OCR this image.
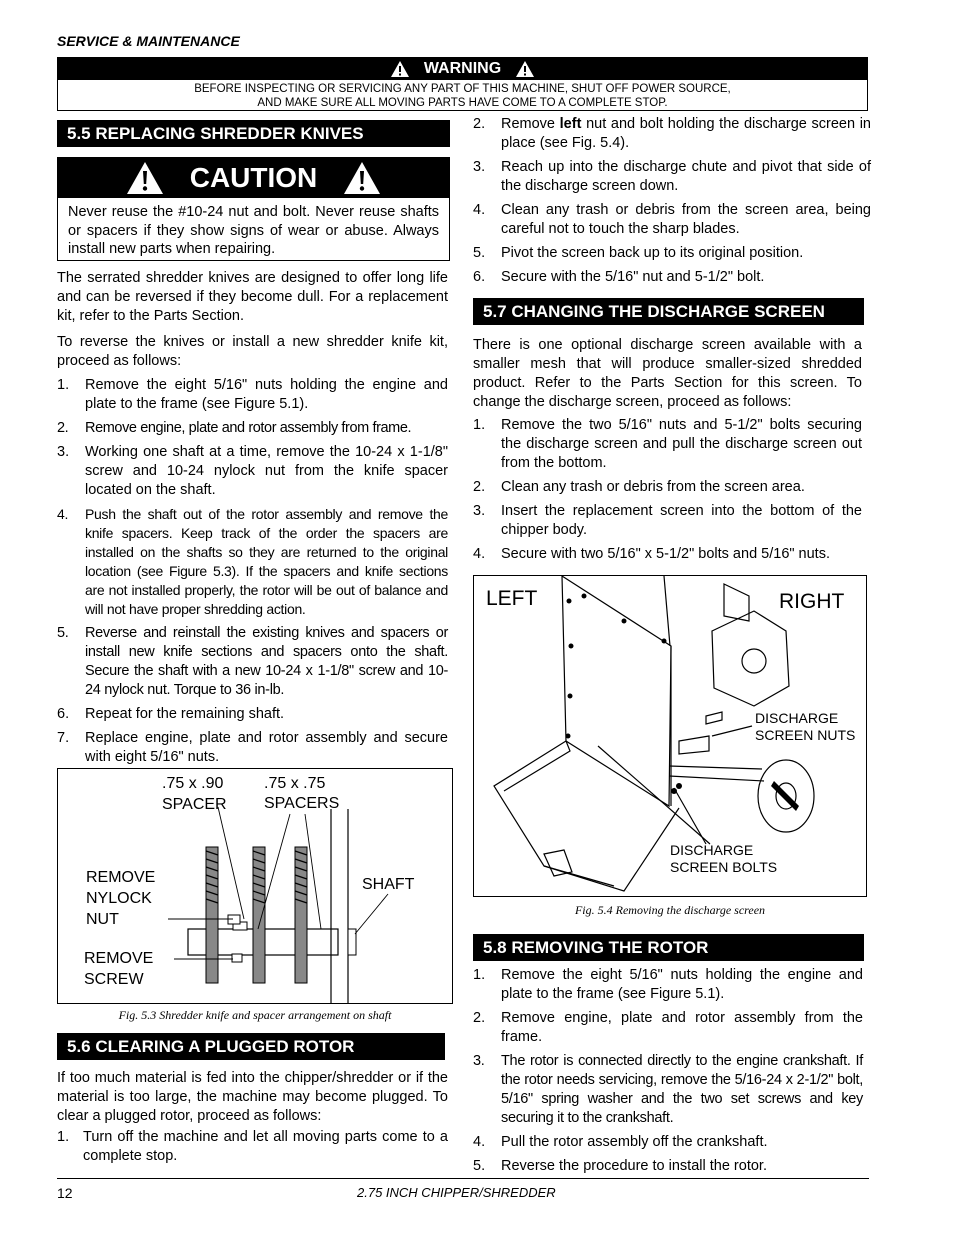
SERVICE & MAINTENANCE
WARNING
BEFORE INSPECTING OR SERVICING ANY PART OF THIS MACHINE, SHUT OFF POWER SOURCE,
AND MAKE SURE ALL MOVING PARTS HAVE COME TO A COMPLETE STOP.
5.5 REPLACING SHREDDER KNIVES
CAUTION
Never reuse the #10-24 nut and bolt. Never reuse shafts or spacers if they show signs of wear or abuse. Always install new parts when repairing.
The serrated shredder knives are designed to offer long life and can be reversed if they become dull. For a replacement kit, refer to the Parts Section.
To reverse the knives or install a new shredder knife kit, proceed as follows:
1. Remove the eight 5/16" nuts holding the engine and plate to the frame (see Figure 5.1).
2. Remove engine, plate and rotor assembly from frame.
3. Working one shaft at a time, remove the 10-24 x 1-1/8" screw and 10-24 nylock nut from the knife spacer located on the shaft.
4. Push the shaft out of the rotor assembly and remove the knife spacers. Keep track of the order the spacers are installed on the shafts so they are returned to the original location (see Figure 5.3). If the spacers and knife sections are not installed properly, the rotor will be out of balance and will not have proper shredding action.
5. Reverse and reinstall the existing knives and spacers or install new knife sections and spacers onto the shaft. Secure the shaft with a new 10-24 x 1-1/8" screw and 10-24 nylock nut. Torque to 36 in-lb.
6. Repeat for the remaining shaft.
7. Replace engine, plate and rotor assembly and secure with eight 5/16" nuts.
.75 x .90
SPACER
.75 x .75
SPACERS
REMOVE
NYLOCK
NUT
REMOVE
SCREW
SHAFT
Fig. 5.3 Shredder knife and spacer arrangement on shaft
5.6 CLEARING A PLUGGED ROTOR
If too much material is fed into the chipper/shredder or if the material is too large, the machine may become plugged. To clear a plugged rotor, proceed as follows:
1. Turn off the machine and let all moving parts come to a complete stop.
2. Remove left nut and bolt holding the discharge screen in place (see Fig. 5.4).
3. Reach up into the discharge chute and pivot that side of the discharge screen down.
4. Clean any trash or debris from the screen area, being careful not to touch the sharp blades.
5. Pivot the screen back up to its original position.
6. Secure with the 5/16" nut and 5-1/2" bolt.
5.7 CHANGING THE DISCHARGE SCREEN
There is one optional discharge screen available with a smaller mesh that will produce smaller-sized shredded product. Refer to the Parts Section for this screen. To change the discharge screen, proceed as follows:
1. Remove the two 5/16" nuts and 5-1/2" bolts securing the discharge screen and pull the discharge screen out from the bottom.
2. Clean any trash or debris from the screen area.
3. Insert the replacement screen into the bottom of the chipper body.
4. Secure with two 5/16" x 5-1/2" bolts and 5/16" nuts.
LEFT	RIGHT
DISCHARGE
SCREEN NUTS
DISCHARGE
SCREEN BOLTS
Fig. 5.4 Removing the discharge screen
5.8 REMOVING THE ROTOR
1. Remove the eight 5/16" nuts holding the engine and plate to the frame (see Figure 5.1).
2. Remove engine, plate and rotor assembly from the frame.
3. The rotor is connected directly to the engine crankshaft. If the rotor needs servicing, remove the 5/16-24 x 2-1/2" bolt, 5/16" spring washer and the two set screws and key securing it to the crankshaft.
4. Pull the rotor assembly off the crankshaft.
5. Reverse the procedure to install the rotor.
12	2.75 INCH CHIPPER/SHREDDER
